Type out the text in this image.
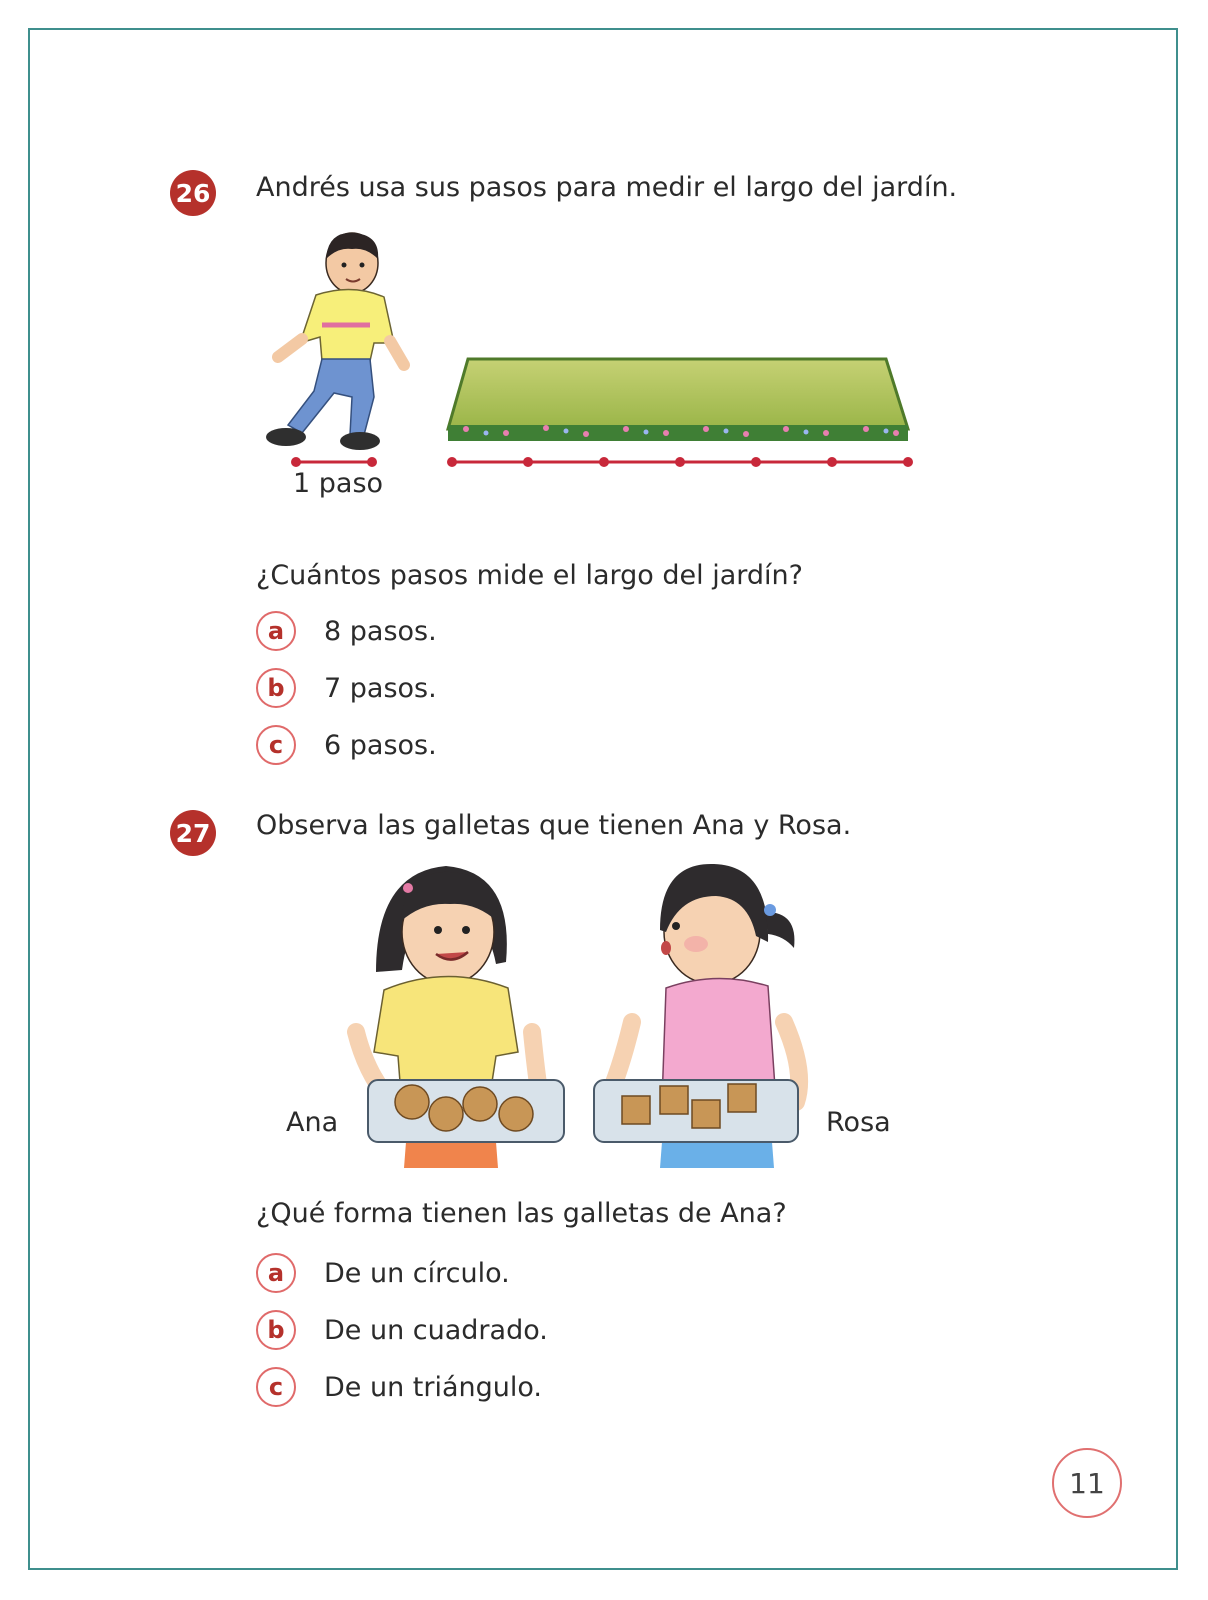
26 Andrés usa sus pasos para medir el largo del jardín.
1 paso
¿Cuántos pasos mide el largo del jardín?
a	8 pasos.
b	7 pasos.
c	6 pasos.
27 Observa las galletas que tienen Ana y Rosa.
Ana	Rosa
¿Qué forma tienen las galletas de Ana?
a	De un círculo.
b	De un cuadrado.
c	De un triángulo.
11
